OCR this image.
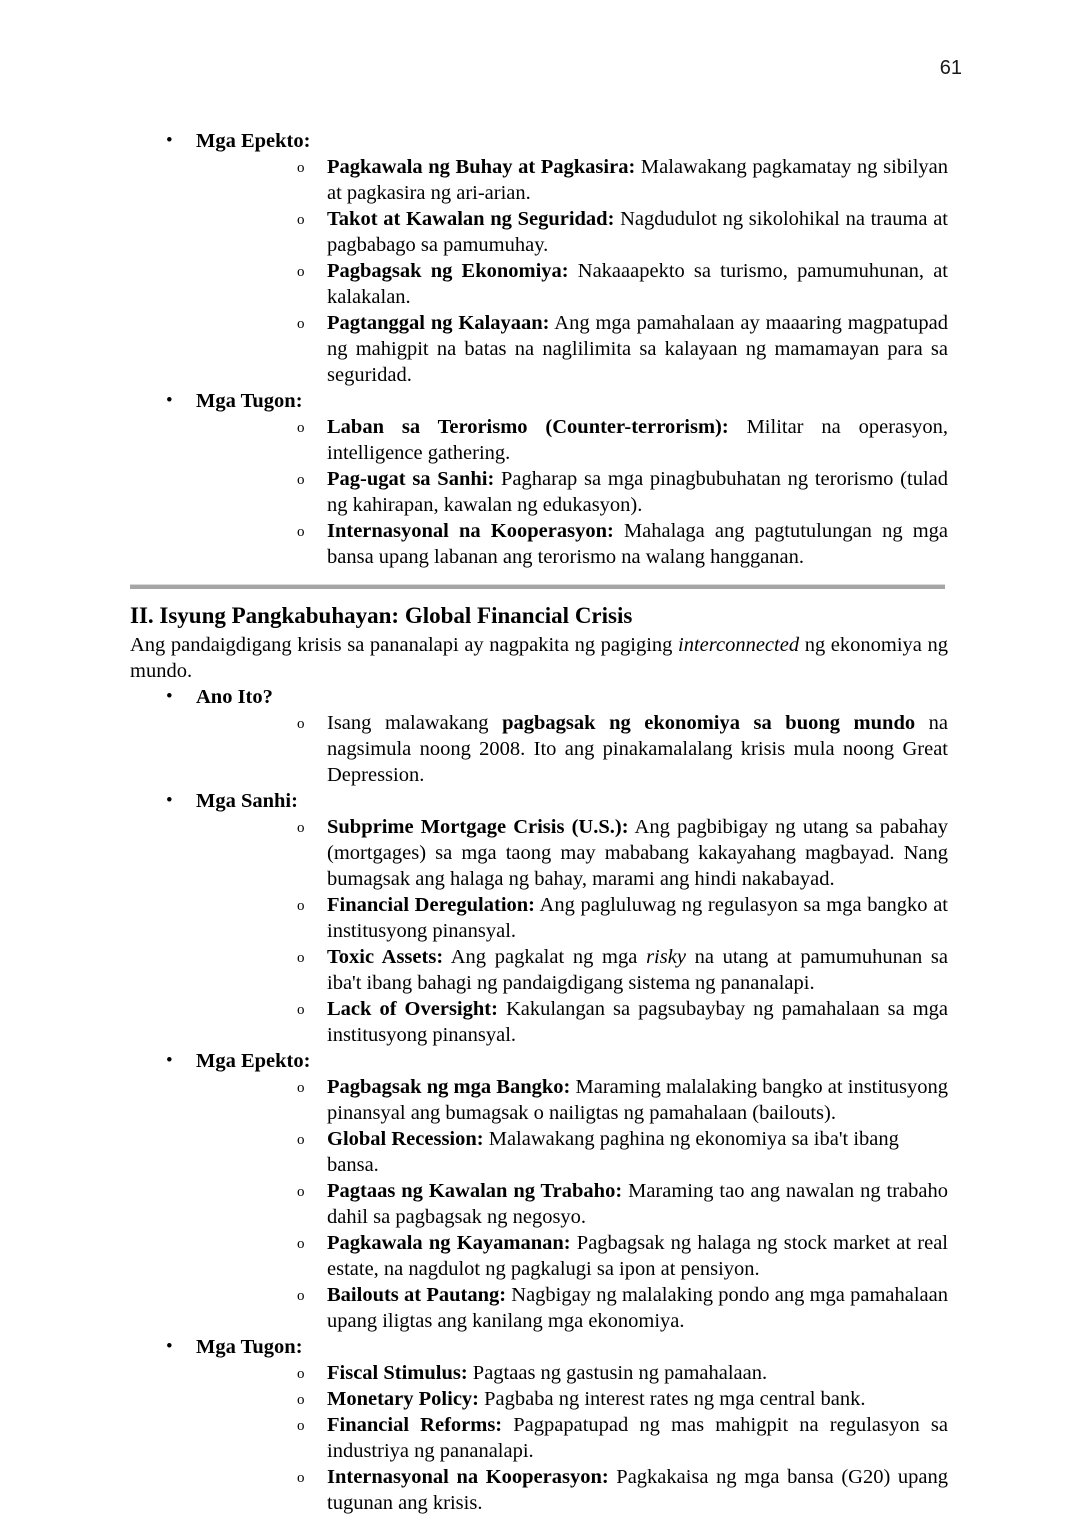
61
• Mga Epekto:
o Pagkawala ng Buhay at Pagkasira: Malawakang pagkamatay ng sibilyan at pagkasira ng ari-arian.
o Takot at Kawalan ng Seguridad: Nagdudulot ng sikolohikal na trauma at pagbabago sa pamumuhay.
o Pagbagsak ng Ekonomiya: Nakaaapekto sa turismo, pamumuhunan, at kalakalan.
o Pagtanggal ng Kalayaan: Ang mga pamahalaan ay maaaring magpatupad ng mahigpit na batas na naglilimita sa kalayaan ng mamamayan para sa seguridad.
• Mga Tugon:
o Laban sa Terorismo (Counter-terrorism): Militar na operasyon, intelligence gathering.
o Pag-ugat sa Sanhi: Pagharap sa mga pinagbubuhatan ng terorismo (tulad ng kahirapan, kawalan ng edukasyon).
o Internasyonal na Kooperasyon: Mahalaga ang pagtutulungan ng mga bansa upang labanan ang terorismo na walang hangganan.
II. Isyung Pangkabuhayan: Global Financial Crisis
Ang pandaigdigang krisis sa pananalapi ay nagpakita ng pagiging interconnected ng ekonomiya ng mundo.
• Ano Ito?
o Isang malawakang pagbagsak ng ekonomiya sa buong mundo na nagsimula noong 2008. Ito ang pinakamalalang krisis mula noong Great Depression.
• Mga Sanhi:
o Subprime Mortgage Crisis (U.S.): Ang pagbibigay ng utang sa pabahay (mortgages) sa mga taong may mababang kakayahang magbayad. Nang bumagsak ang halaga ng bahay, marami ang hindi nakabayad.
o Financial Deregulation: Ang pagluluwag ng regulasyon sa mga bangko at institusyong pinansyal.
o Toxic Assets: Ang pagkalat ng mga risky na utang at pamumuhunan sa iba't ibang bahagi ng pandaigdigang sistema ng pananalapi.
o Lack of Oversight: Kakulangan sa pagsubaybay ng pamahalaan sa mga institusyong pinansyal.
• Mga Epekto:
o Pagbagsak ng mga Bangko: Maraming malalaking bangko at institusyong pinansyal ang bumagsak o nailigtas ng pamahalaan (bailouts).
o Global Recession: Malawakang paghina ng ekonomiya sa iba't ibang bansa.
o Pagtaas ng Kawalan ng Trabaho: Maraming tao ang nawalan ng trabaho dahil sa pagbagsak ng negosyo.
o Pagkawala ng Kayamanan: Pagbagsak ng halaga ng stock market at real estate, na nagdulot ng pagkalugi sa ipon at pensiyon.
o Bailouts at Pautang: Nagbigay ng malalaking pondo ang mga pamahalaan upang iligtas ang kanilang mga ekonomiya.
• Mga Tugon:
o Fiscal Stimulus: Pagtaas ng gastusin ng pamahalaan.
o Monetary Policy: Pagbaba ng interest rates ng mga central bank.
o Financial Reforms: Pagpapatupad ng mas mahigpit na regulasyon sa industriya ng pananalapi.
o Internasyonal na Kooperasyon: Pagkakaisa ng mga bansa (G20) upang tugunan ang krisis.
